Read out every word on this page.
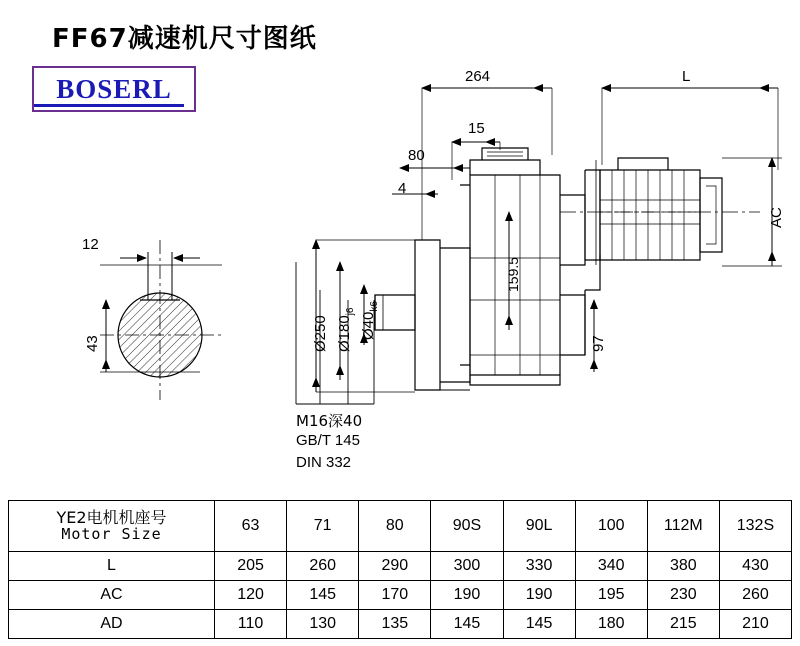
FF67减速机尺寸图纸
BOSERL	264	L
15
80
4
AC
159.5
97
Ø250 $Ø180_{j6}$
$Ø40_{k6}$
12
43
M16深40
GB/T 145
DIN 332
YE2电机机座号
Motor Size	63	71	80	90S	90L	100	112M	132S
L	205	260	290	300	330	340	380	430
AC	120	145	170	190	190	195	230	260
AD	110	130	135	145	145	180	215	210
